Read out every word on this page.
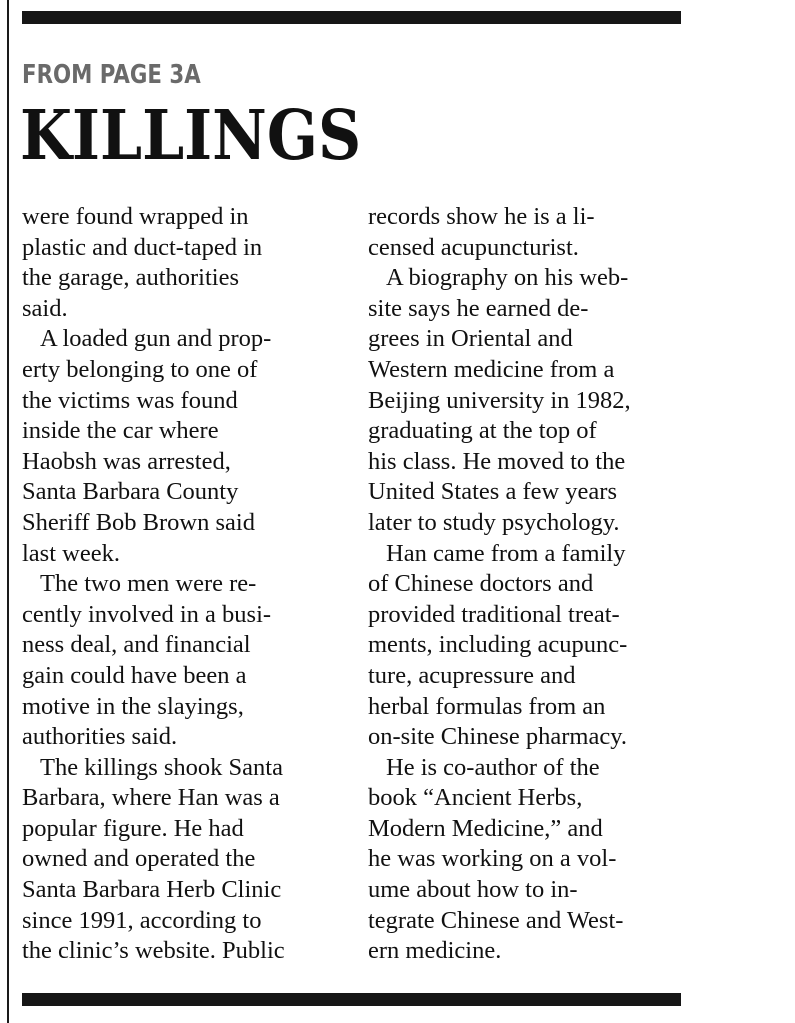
FROM PAGE 3A
KILLINGS
were found wrapped in
plastic and duct-taped in
the garage, authorities
said.
A loaded gun and prop-
erty belonging to one of
the victims was found
inside the car where
Haobsh was arrested,
Santa Barbara County
Sheriff Bob Brown said
last week.
The two men were re-
cently involved in a busi-
ness deal, and financial
gain could have been a
motive in the slayings,
authorities said.
The killings shook Santa
Barbara, where Han was a
popular figure. He had
owned and operated the
Santa Barbara Herb Clinic
since 1991, according to
the clinic’s website. Public
records show he is a li-
censed acupuncturist.
A biography on his web-
site says he earned de-
grees in Oriental and
Western medicine from a
Beijing university in 1982,
graduating at the top of
his class. He moved to the
United States a few years
later to study psychology.
Han came from a family
of Chinese doctors and
provided traditional treat-
ments, including acupunc-
ture, acupressure and
herbal formulas from an
on-site Chinese pharmacy.
He is co-author of the
book “Ancient Herbs,
Modern Medicine,” and
he was working on a vol-
ume about how to in-
tegrate Chinese and West-
ern medicine.
